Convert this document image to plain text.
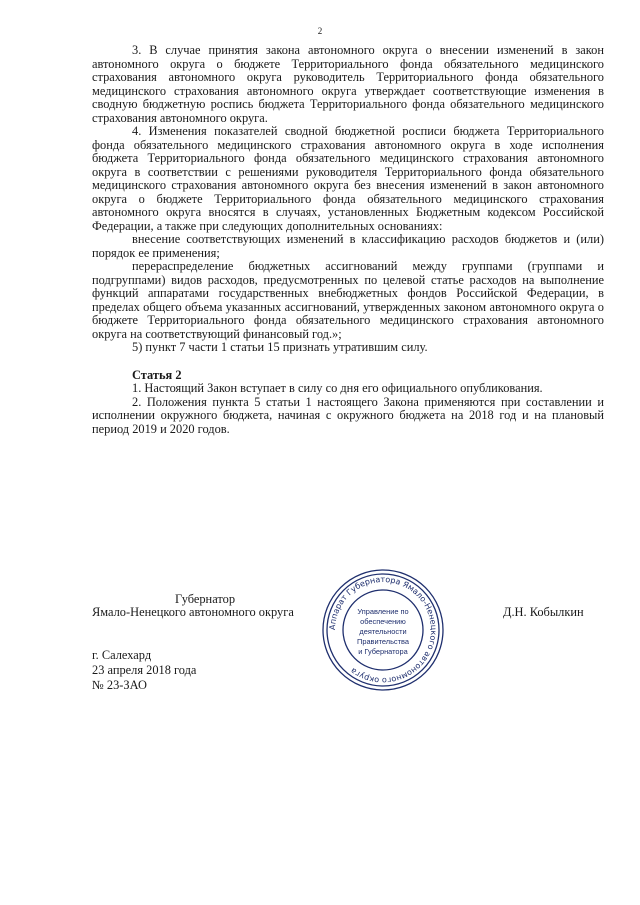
2

3. В случае принятия закона автономного округа о внесении изменений в закон автономного округа о бюджете Территориального фонда обязательного медицинского страхования автономного округа руководитель Территориального фонда обязательного медицинского страхования автономного округа утверждает соответствующие изменения в сводную бюджетную роспись бюджета Территориального фонда обязательного медицинского страхования автономного округа.

4. Изменения показателей сводной бюджетной росписи бюджета Территориального фонда обязательного медицинского страхования автономного округа в ходе исполнения бюджета Территориального фонда обязательного медицинского страхования автономного округа в соответствии с решениями руководителя Территориального фонда обязательного медицинского страхования автономного округа без внесения изменений в закон автономного округа о бюджете Территориального фонда обязательного медицинского страхования автономного округа вносятся в случаях, установленных Бюджетным кодексом Российской Федерации, а также при следующих дополнительных основаниях:

внесение соответствующих изменений в классификацию расходов бюджетов и (или) порядок ее применения;

перераспределение бюджетных ассигнований между группами (группами и подгруппами) видов расходов, предусмотренных по целевой статье расходов на выполнение функций аппаратами государственных внебюджетных фондов Российской Федерации, в пределах общего объема указанных ассигнований, утвержденных законом автономного округа о бюджете Территориального фонда обязательного медицинского страхования автономного округа на соответствующий финансовый год.»;

5) пункт 7 части 1 статьи 15 признать утратившим силу.

Статья 2

1. Настоящий Закон вступает в силу со дня его официального опубликования.

2. Положения пункта 5 статьи 1 настоящего Закона применяются при составлении и исполнении окружного бюджета, начиная с окружного бюджета на 2018 год и на плановый период 2019 и 2020 годов.

Губернатор
Ямало-Ненецкого автономного округа	Д.Н. Кобылкин
Аппарат Губернатора Ямало-Ненецкого автономного округа
Управление по
обеспечению
деятельности
Правительства
и Губернатора
г. Салехард
23 апреля 2018 года
№ 23-ЗАО
